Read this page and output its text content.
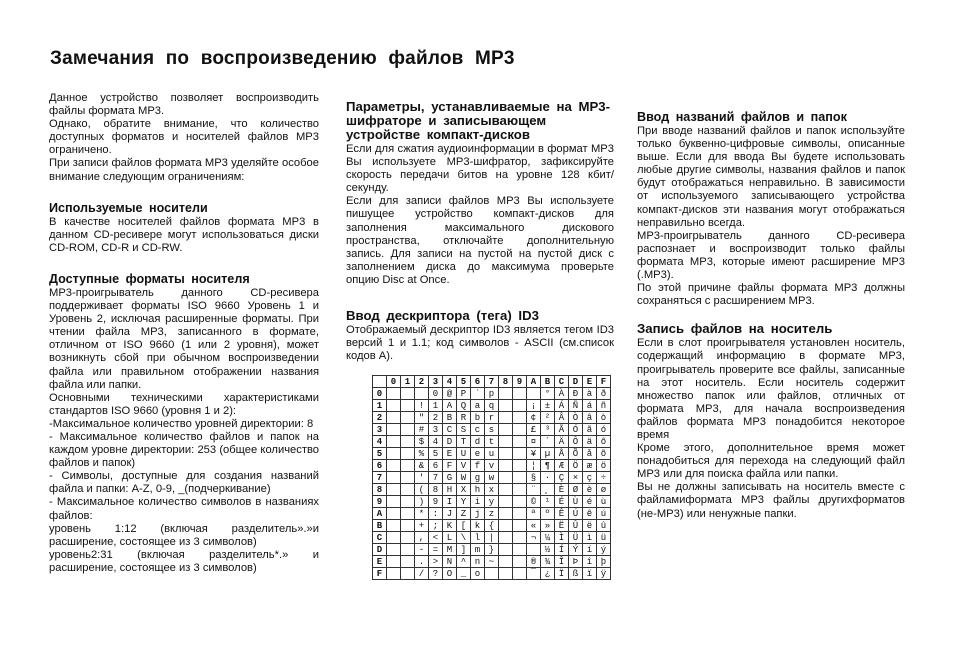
Замечания по воспроизведению файлов MP3

Данное устройство позволяет воспроизводить файлы формата MP3.

Однако, обратите внимание, что количество доступных форматов и носителей файлов MP3 ограничено.

При записи файлов формата MP3 уделяйте особое внимание следующим ограничениям:

Используемые носители

В качестве носителей файлов формата MP3 в данном CD-ресивере могут использоваться диски CD-ROM, CD-R и CD-RW.

Доступные форматы носителя

MP3-проигрыватель данного CD-ресивера поддерживает форматы ISO 9660 Уровень 1 и Уровень 2, исключая расширенные форматы. При чтении файла MP3, записанного в формате, отличном от ISO 9660 (1 или 2 уровня), может возникнуть сбой при обычном воспроизведении файла или правильном отображении названия файла или папки.

Основными техническими характеристиками стандартов ISO 9660 (уровня 1 и 2):

-Максимальное количество уровней директории: 8

- Максимальное количество файлов и папок на каждом уровне директории: 253 (общее количество файлов и папок)

- Символы, доступные для создания названий файла и папки: A-Z, 0-9, _(подчеркивание)

- Максимальное количество символов в названиях файлов:

уровень 1:12 (включая разделитель».»и расширение, состоящее из 3 символов)

уровень2:31 (включая разделитель*.» и расширение, состоящее из 3 символов)

Параметры, устанавливаемые на MP3-шифраторе и записывающем устройстве компакт-дисков

Если для сжатия аудиоинформации в формат MP3 Вы используете MP3-шифратор, зафиксируйте скорость передачи битов на уровне 128 кбит/секунду.

Если для записи файлов MP3 Вы используете пишущее устройство компакт-дисков для заполнения максимального дискового пространства, отключайте дополнительную запись. Для записи на пустой на пустой диск с заполнением диска до максимума проверьте опцию Disc at Once.

Ввод дескриптора (тега) ID3

Отображаемый дескриптор ID3 является тегом ID3 версий 1 и 1.1; код символов - ASCII (см.список кодов А).

	0	1	2	3	4	5	6	7	8	9	A	B	C	D	E	F
0				0	@	P	`	p				°	À	Ð	à	ð
1			!	1	A	Q	a	q			¡	±	Á	Ñ	á	ñ
2			"	2	B	R	b	r			¢	²	Â	Ò	â	ò
3			#	3	C	S	c	s			£	³	Ã	Ó	ã	ó
4			$	4	D	T	d	t			¤	´	Ä	Ô	ä	ô
5			%	5	E	U	e	u			¥	µ	Å	Õ	å	õ
6			&	6	F	V	f	v			¦	¶	Æ	Ö	æ	ö
7			'	7	G	W	g	w			§	·	Ç	×	ç	÷
8			(	8	H	X	h	x			¨	¸	È	Ø	è	ø
9			)	9	I	Y	i	y			©	¹	É	Ù	é	ù
A			*	:	J	Z	j	z			ª	º	Ê	Ú	ê	ú
B			+	;	K	[	k	{			«	»	Ë	Û	ë	û
C			,	<	L	\	l	|			¬	¼	Ì	Ü	ì	ü
D			-	=	M	]	m	}				½	Í	Ý	í	ý
E			.	>	N	^	n	~			®	¾	Î	Þ	î	þ
F			/	?	O	_	o				¯	¿	Ï	ß	ï	ÿ
Ввод названий файлов и папок

При вводе названий файлов и папок используйте только буквенно-цифровые символы, описанные выше. Если для ввода Вы будете использовать любые другие символы, названия файлов и папок будут отображаться неправильно. В зависимости от используемого записывающего устройства компакт-дисков эти названия могут отображаться неправильно всегда.

MP3-проигрыватель данного CD-ресивера распознает и воспроизводит только файлы формата MP3, которые имеют расширение MP3 (.MP3).

По этой причине файлы формата MP3 должны сохраняться с расширением MP3.

Запись файлов на носитель

Если в слот проигрывателя установлен носитель, содержащий информацию в формате MP3, проигрыватель проверите все файлы, записанные на этот носитель. Если носитель содержит множество папок или файлов, отличных от формата MP3, для начала воспроизведения файлов формата MP3 понадобится некоторое время

Кроме этого, дополнительное время может понадобиться для перехода на следующий файл MP3 или для поиска файла или папки.

Вы не должны записывать на носитель вместе с файламиформата MP3 файлы другихформатов (не-MP3) или ненужные папки.
